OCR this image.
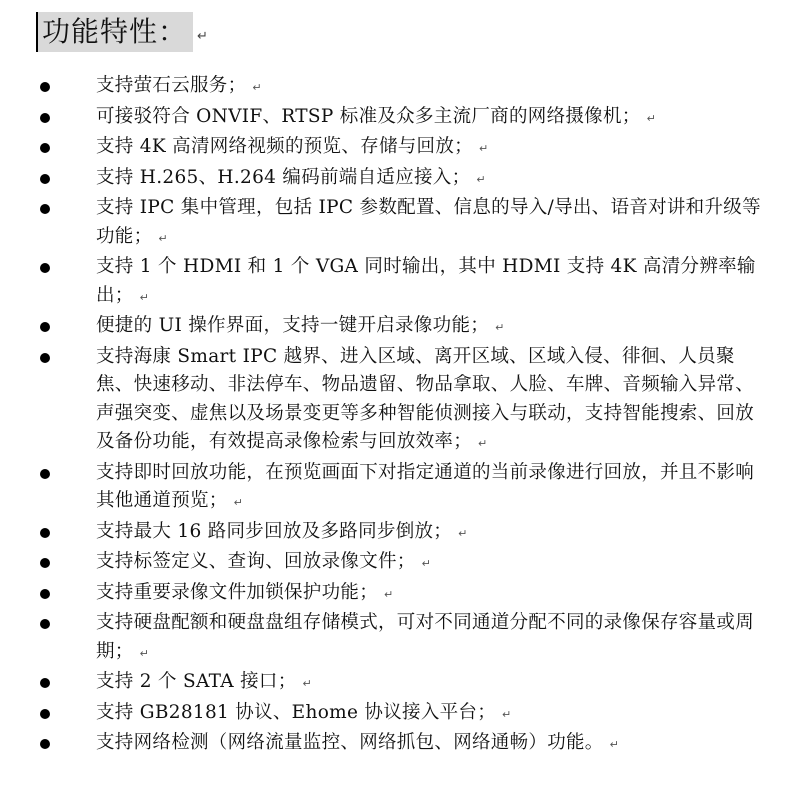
功能特性： ↵
支持萤石云服务； ↵
可接驳符合 ONVIF、RTSP 标准及众多主流厂商的网络摄像机； ↵
支持 4K 高清网络视频的预览、存储与回放； ↵
支持 H.265、H.264 编码前端自适应接入； ↵
支持 IPC 集中管理，包括 IPC 参数配置、信息的导入/导出、语音对讲和升级等功能； ↵
支持 1 个 HDMI 和 1 个 VGA 同时输出，其中 HDMI 支持 4K 高清分辨率输出； ↵
便捷的 UI 操作界面，支持一键开启录像功能； ↵
支持海康 Smart IPC 越界、进入区域、离开区域、区域入侵、徘徊、人员聚焦、快速移动、非法停车、物品遗留、物品拿取、人脸、车牌、音频输入异常、声强突变、虚焦以及场景变更等多种智能侦测接入与联动，支持智能搜索、回放及备份功能，有效提高录像检索与回放效率； ↵
支持即时回放功能，在预览画面下对指定通道的当前录像进行回放，并且不影响其他通道预览； ↵
支持最大 16 路同步回放及多路同步倒放； ↵
支持标签定义、查询、回放录像文件； ↵
支持重要录像文件加锁保护功能； ↵
支持硬盘配额和硬盘盘组存储模式，可对不同通道分配不同的录像保存容量或周期； ↵
支持 2 个 SATA 接口； ↵
支持 GB28181 协议、Ehome 协议接入平台； ↵
支持网络检测（网络流量监控、网络抓包、网络通畅）功能。 ↵
